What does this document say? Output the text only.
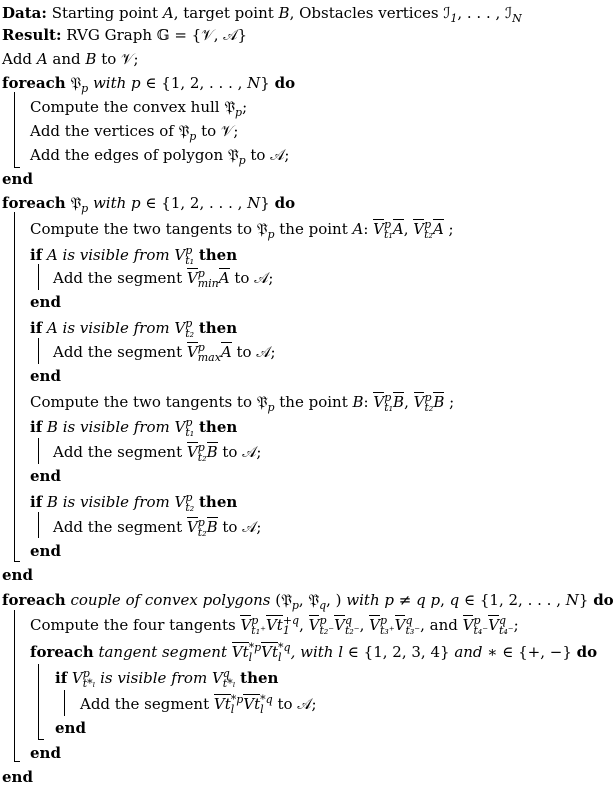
Data: Starting point A, target point B, Obstacles vertices ℐ$_1$, . . . , ℐ$_N$
Result: RVG Graph 𝔾 = {𝒱, 𝒜}
Add A and B to 𝒱;
foreach 𝔓$_p$ with p ∈ {1, 2, . . . , N} do
Compute the convex hull $𝔓̃_p$;
Add the vertices of $𝔓̃_p$ to 𝒱;
Add the edges of polygon $𝔓̃_p$ to 𝒜;
end
foreach $𝔓̃_p$ with p ∈ {1, 2, . . . , N} do
Compute the two tangents to $𝔓̃_p$ the point A: V p
t₁ A, V p
t₂ A ;
if A is visible from V p
t₁ then
Add the segment V p
min A to 𝒜;
end
if A is visible from V p
t₂ then
Add the segment V p
max A to 𝒜;
end
Compute the two tangents to $𝔓̃_p$ the point B: V p
t₁ B, V p
t₂ B ;
if B is visible from V p
t₁ then
Add the segment V p
t₂ B to 𝒜;
end
if B is visible from V p
t₂ then
Add the segment V p
t₂ B to 𝒜;
end
end
foreach couple of convex polygons ($𝔓̃_p$, $𝔓̃_q$, ) with p ≠ q p, q ∈ {1, 2, . . . , N} do
Compute the four tangents V p
t₁⁺ Vt +q
1 , V p
t₂⁻ V q
t₂⁻ , V p
t₃⁺ V q
t₃⁻ , and V p
t₄⁻ V q
t₄⁻ ;
foreach tangent segment Vt *p
l Vt *q
l , with l ∈ {1, 2, 3, 4} and ∗ ∈ {+, −} do
if V p
t*ₗ is visible from V q
t*ₗ then
Add the segment Vt *p
l Vt *q
l to 𝒜;
end
end
end
